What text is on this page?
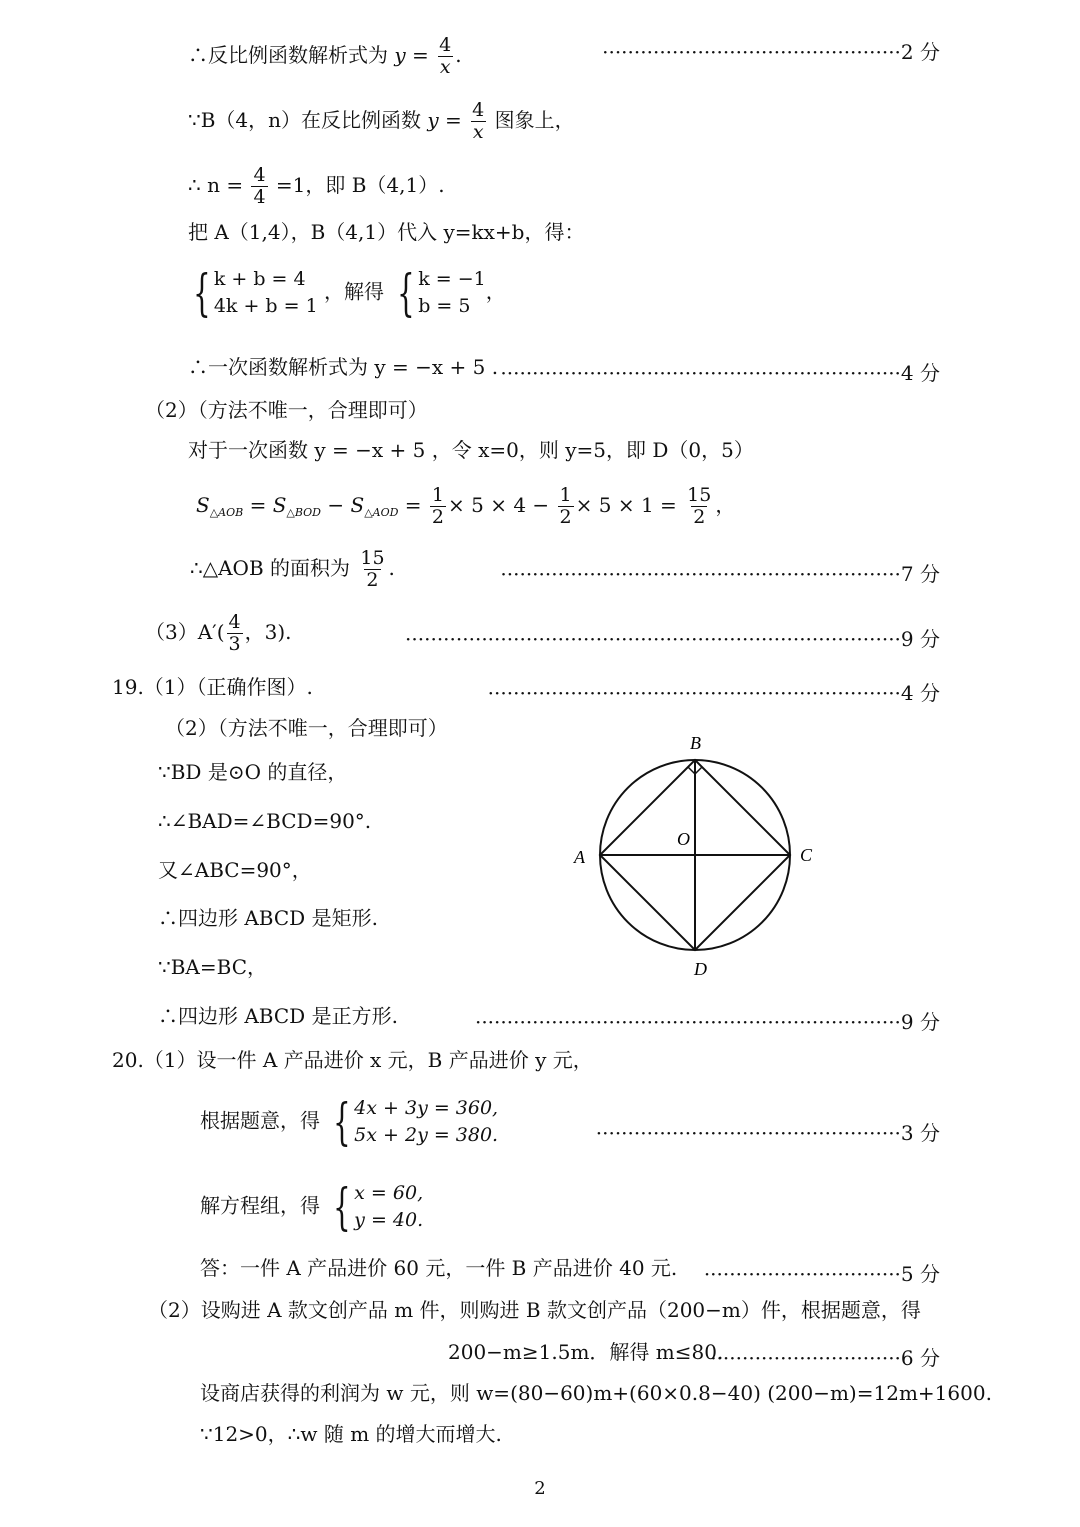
∴反比例函数解析式为 $y = \frac{4}{x}$ .	···············································2 分
∵B（4，n）在反比例函数 $y = \frac{4}{x}$ 图象上，
∴ $n = \frac{4}{4} =1$，即 B（4,1）.
把 A（1,4），B（4,1）代入 y=kx+b，得：
{ k + b = 4
4k + b = 1
，解得 { k = −1
b = 5
，
∴一次函数解析式为 y = −x + 5 . ·······························································4 分
（2）（方法不唯一，合理即可）
对于一次函数 y = −x + 5 ，令 x=0，则 y=5，即 D（0，5）
$S_{\triangle AOB} = S_{\triangle BOD} - S_{\triangle AOD} = \frac{1}{2} \times 5 \times 4 - \frac{1}{2} \times 5 \times 1 = \frac{15}{2}$ ，
∴△AOB 的面积为 $\frac{15}{2}$ .	·······························································7 分
$(3)A'( \frac{4}{3}$ ，3).	··············································································9 分
19.（1）（正确作图）.	·································································4 分
（2）（方法不唯一，合理即可）
∵BD 是⊙O 的直径，
∴∠BAD=∠BCD=90°.
又∠ABC=90°，
∴四边形 ABCD 是矩形.
∵BA=BC，
∴四边形 ABCD 是正方形.	···································································9 分
B
A	C
D
O
20.（1）设一件 A 产品进价 x 元，B 产品进价 y 元，
根据题意，得 { 4x + 3y = 360,
5x + 2y = 380.	················································3 分
解方程组，得 { x = 60,
y = 40.
答：一件 A 产品进价 60 元，一件 B 产品进价 40 元. ·······························5 分
（2）设购进 A 款文创产品 m 件，则购进 B 款文创产品（200−m）件，根据题意，得
200−m≥1.5m．解得 m≤80.
······························6 分
设商店获得的利润为 w 元，则 w=(80−60)m+(60×0.8−40) (200−m)=12m+1600.
∵12>0，∴w 随 m 的增大而增大.
2
